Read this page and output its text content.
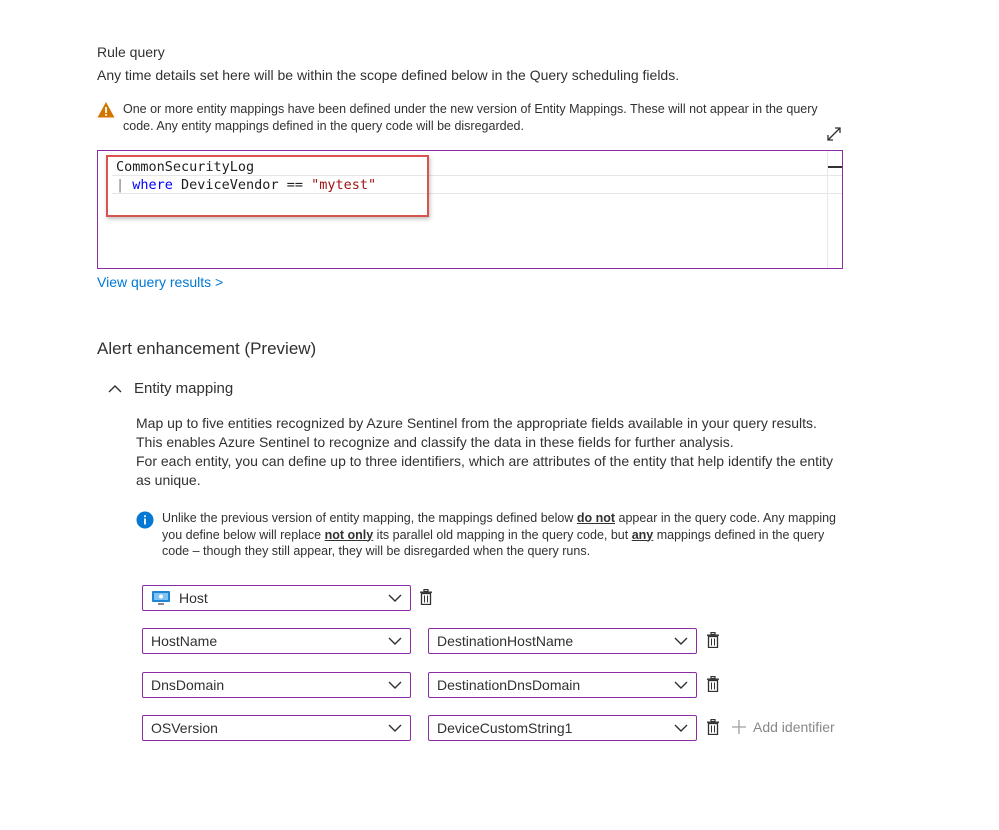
Rule query
Any time details set here will be within the scope defined below in the Query scheduling fields.
One or more entity mappings have been defined under the new version of Entity Mappings. These will not appear in the query code. Any entity mappings defined in the query code will be disregarded.
CommonSecurityLog
| where DeviceVendor == "mytest"
View query results >
Alert enhancement (Preview)
Entity mapping

Map up to five entities recognized by Azure Sentinel from the appropriate fields available in your query results.

This enables Azure Sentinel to recognize and classify the data in these fields for further analysis.

For each entity, you can define up to three identifiers, which are attributes of the entity that help identify the entity as unique.

Unlike the previous version of entity mapping, the mappings defined below do not appear in the query code. Any mapping you define below will replace not only its parallel old mapping in the query code, but any mappings defined in the query code – though they still appear, they will be disregarded when the query runs.
Host
HostName	DestinationHostName
DnsDomain	DestinationDnsDomain
OSVersion	DeviceCustomString1	Add identifier
